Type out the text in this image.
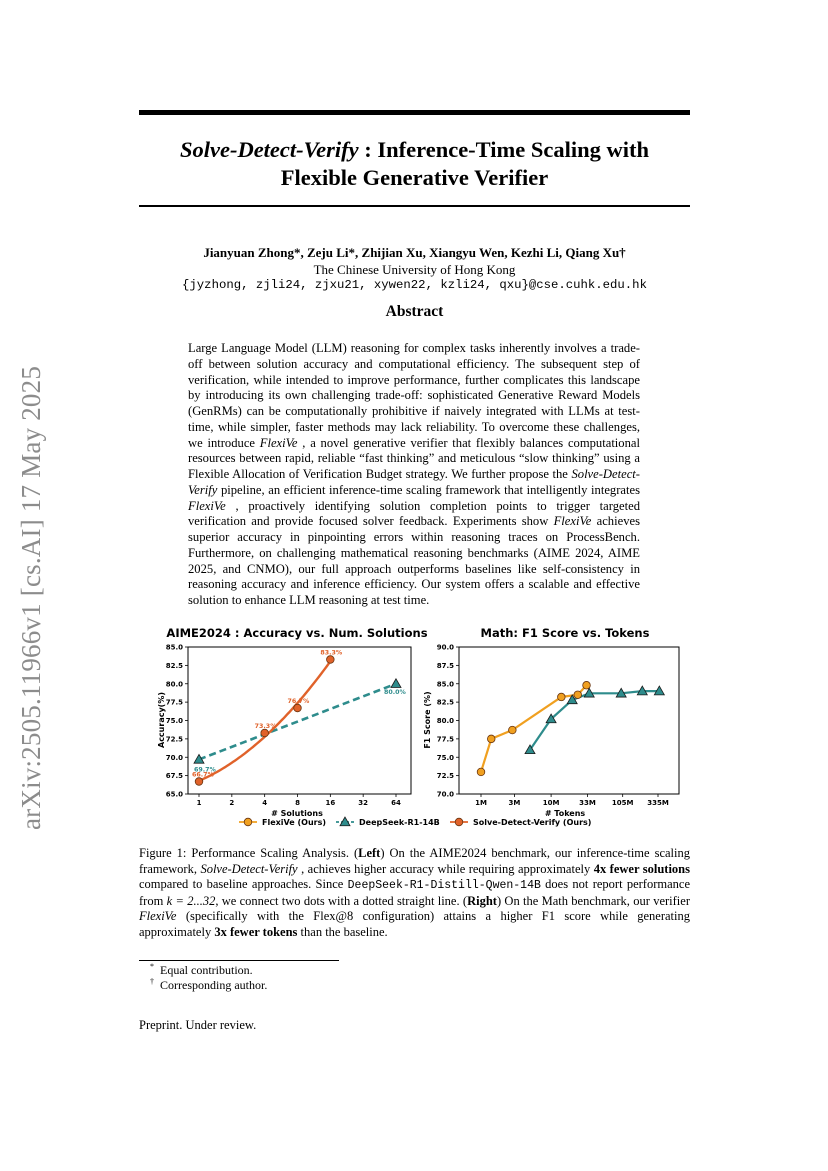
arXiv:2505.11966v1 [cs.AI] 17 May 2025
Solve-Detect-Verify : Inference-Time Scaling with
Flexible Generative Verifier
Jianyuan Zhong*, Zeju Li*, Zhijian Xu, Xiangyu Wen, Kezhi Li, Qiang Xu†
The Chinese University of Hong Kong
{jyzhong, zjli24, zjxu21, xywen22, kzli24, qxu}@cse.cuhk.edu.hk
Abstract
Large Language Model (LLM) reasoning for complex tasks inherently involves a trade-off between solution accuracy and computational efficiency. The subsequent step of verification, while intended to improve performance, further complicates this landscape by introducing its own challenging trade-off: sophisticated Generative Reward Models (GenRMs) can be computationally prohibitive if naively integrated with LLMs at test-time, while simpler, faster methods may lack reliability. To overcome these challenges, we introduce FlexiVe , a novel generative verifier that flexibly balances computational resources between rapid, reliable “fast thinking” and meticulous “slow thinking” using a Flexible Allocation of Verification Budget strategy. We further propose the Solve-Detect-Verify pipeline, an efficient inference-time scaling framework that intelligently integrates FlexiVe , proactively identifying solution completion points to trigger targeted verification and provide focused solver feedback. Experiments show FlexiVe achieves superior accuracy in pinpointing errors within reasoning traces on ProcessBench. Furthermore, on challenging mathematical reasoning benchmarks (AIME 2024, AIME 2025, and CNMO), our full approach outperforms baselines like self-consistency in reasoning accuracy and inference efficiency. Our system offers a scalable and effective solution to enhance LLM reasoning at test time.
AIME2024 : Accuracy vs. Num. Solutions
65.0
67.5
70.0
72.5
75.0
77.5
80.0
82.5
85.0
1	2	4	8	16	32	64
Accuracy(%)
# Solutions
69.7%
80.0%
66.7%
73.3%
76.7%
83.3%
Math: F1 Score vs. Tokens
70.0
72.5
75.0
77.5
80.0
82.5
85.0
87.5
90.0
1M	3M	10M	33M 105M 335M
F1 Score (%)
# Tokens
FlexiVe (Ours)	DeepSeek-R1-14B	Solve-Detect-Verify (Ours)
Figure 1: Performance Scaling Analysis. (Left) On the AIME2024 benchmark, our inference-time scaling framework, Solve-Detect-Verify , achieves higher accuracy while requiring approximately 4x fewer solutions compared to baseline approaches. Since DeepSeek-R1-Distill-Qwen-14B does not report performance from k = 2...32, we connect two dots with a dotted straight line. (Right) On the Math benchmark, our verifier FlexiVe (specifically with the Flex@8 configuration) attains a higher F1 score while generating approximately 3x fewer tokens than the baseline.
* Equal contribution.
† Corresponding author.
Preprint. Under review.
